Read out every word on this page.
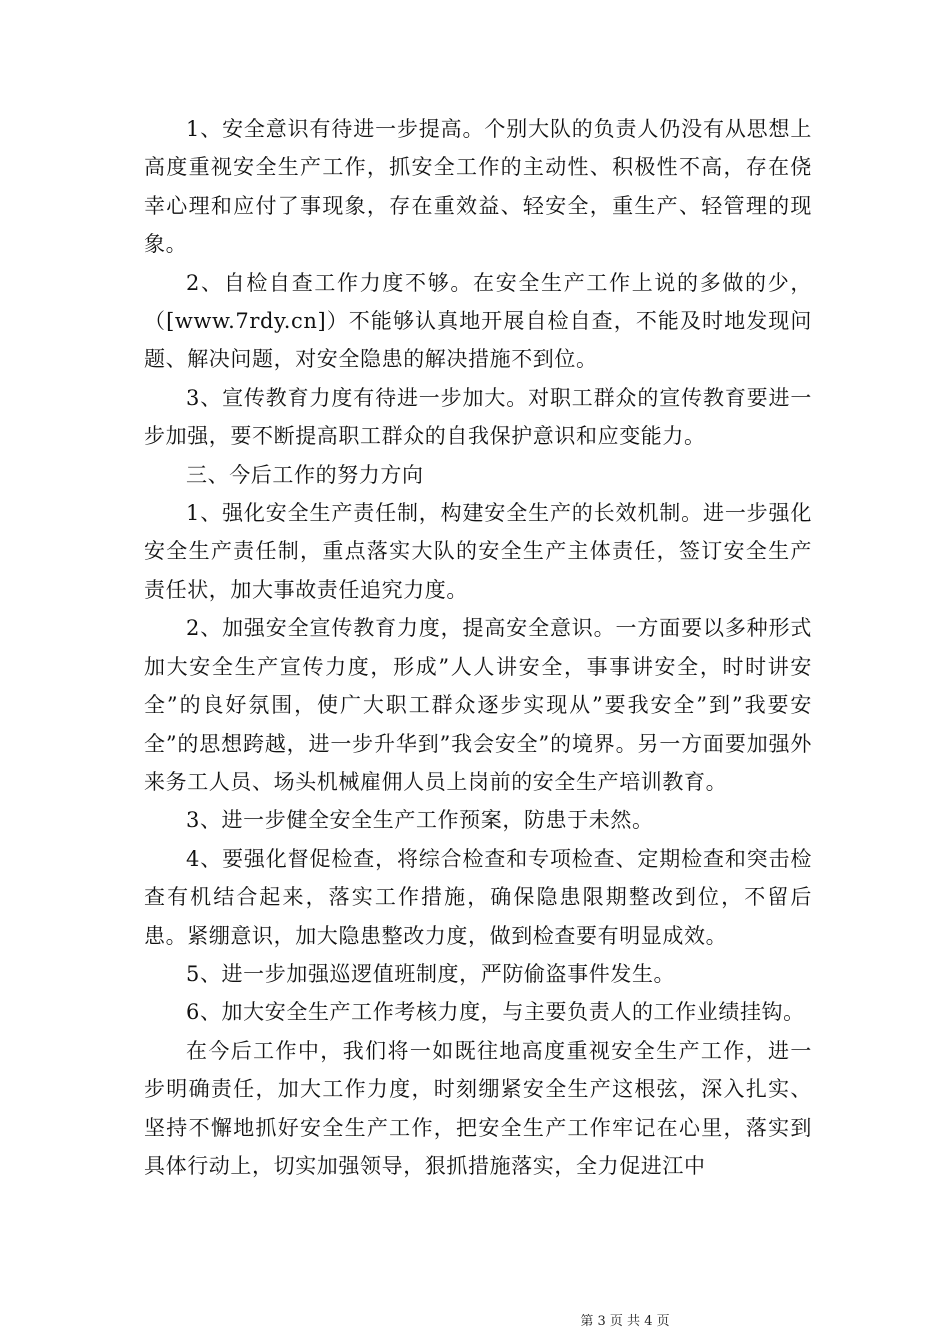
1、安全意识有待进一步提高。个别大队的负责人仍没有从思想上高度重视安全生产工作，抓安全工作的主动性、积极性不高，存在侥幸心理和应付了事现象，存在重效益、轻安全，重生产、轻管理的现象。

2、自检自查工作力度不够。在安全生产工作上说的多做的少，（[www.7rdy.cn]）不能够认真地开展自检自查，不能及时地发现问题、解决问题，对安全隐患的解决措施不到位。

3、宣传教育力度有待进一步加大。对职工群众的宣传教育要进一步加强，要不断提高职工群众的自我保护意识和应变能力。

三、今后工作的努力方向

1、强化安全生产责任制，构建安全生产的长效机制。进一步强化安全生产责任制，重点落实大队的安全生产主体责任，签订安全生产责任状，加大事故责任追究力度。

2、加强安全宣传教育力度，提高安全意识。一方面要以多种形式加大安全生产宣传力度，形成”人人讲安全，事事讲安全，时时讲安全”的良好氛围，使广大职工群众逐步实现从”要我安全”到”我要安全”的思想跨越，进一步升华到”我会安全”的境界。另一方面要加强外来务工人员、场头机械雇佣人员上岗前的安全生产培训教育。

3、进一步健全安全生产工作预案，防患于未然。

4、要强化督促检查，将综合检查和专项检查、定期检查和突击检查有机结合起来，落实工作措施，确保隐患限期整改到位，不留后患。紧绷意识，加大隐患整改力度，做到检查要有明显成效。

5、进一步加强巡逻值班制度，严防偷盗事件发生。

6、加大安全生产工作考核力度，与主要负责人的工作业绩挂钩。

在今后工作中，我们将一如既往地高度重视安全生产工作，进一步明确责任，加大工作力度，时刻绷紧安全生产这根弦，深入扎实、坚持不懈地抓好安全生产工作，把安全生产工作牢记在心里，落实到具体行动上，切实加强领导，狠抓措施落实，全力促进江中

第 3 页 共 4 页
